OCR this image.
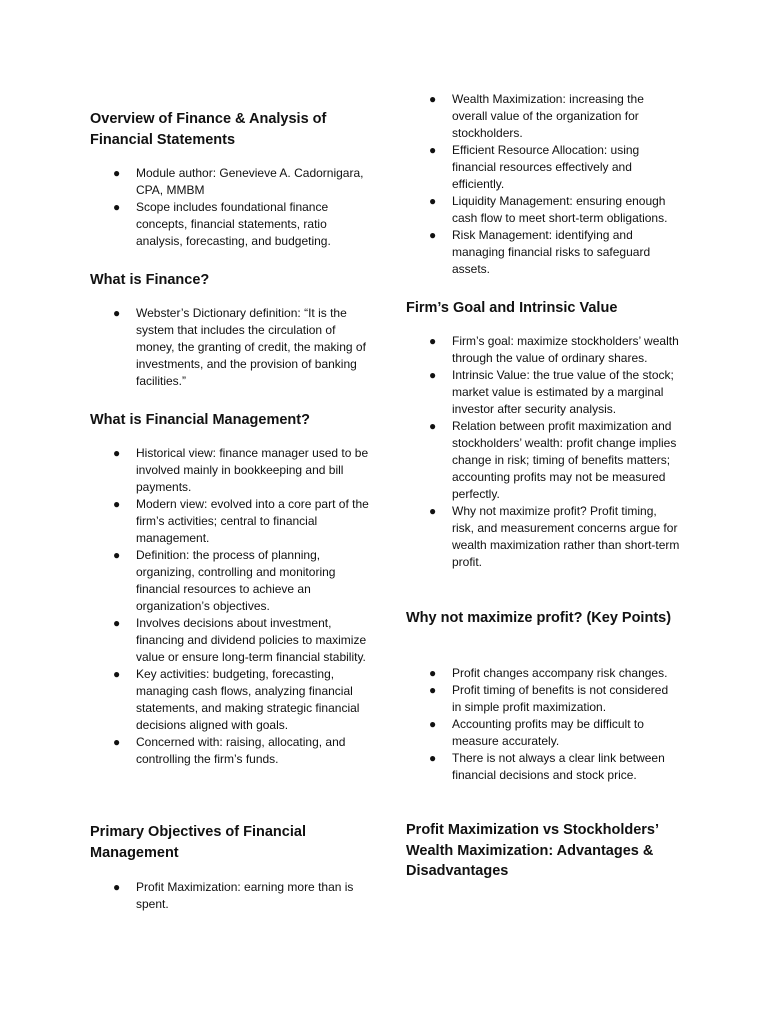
Overview of Finance & Analysis of Financial Statements
● Module author: Genevieve A. Cadornigara, CPA, MMBM
● Scope includes foundational finance concepts, financial statements, ratio analysis, forecasting, and budgeting.
What is Finance?
● Webster’s Dictionary definition: “It is the system that includes the circulation of money, the granting of credit, the making of investments, and the provision of banking facilities.”
What is Financial Management?
● Historical view: finance manager used to be involved mainly in bookkeeping and bill payments.
● Modern view: evolved into a core part of the firm’s activities; central to financial management.
● Definition: the process of planning, organizing, controlling and monitoring financial resources to achieve an organization’s objectives.
● Involves decisions about investment, financing and dividend policies to maximize value or ensure long-term financial stability.
● Key activities: budgeting, forecasting, managing cash flows, analyzing financial statements, and making strategic financial decisions aligned with goals.
● Concerned with: raising, allocating, and controlling the firm’s funds.
Primary Objectives of Financial Management
● Profit Maximization: earning more than is spent.
● Wealth Maximization: increasing the overall value of the organization for stockholders.
● Efficient Resource Allocation: using financial resources effectively and efficiently.
● Liquidity Management: ensuring enough cash flow to meet short-term obligations.
● Risk Management: identifying and managing financial risks to safeguard assets.
Firm’s Goal and Intrinsic Value
● Firm’s goal: maximize stockholders’ wealth through the value of ordinary shares.
● Intrinsic Value: the true value of the stock; market value is estimated by a marginal investor after security analysis.
● Relation between profit maximization and stockholders’ wealth: profit change implies change in risk; timing of benefits matters; accounting profits may not be measured perfectly.
● Why not maximize profit? Profit timing, risk, and measurement concerns argue for wealth maximization rather than short-term profit.
Why not maximize profit? (Key Points)
● Profit changes accompany risk changes.
● Profit timing of benefits is not considered in simple profit maximization.
● Accounting profits may be difficult to measure accurately.
● There is not always a clear link between financial decisions and stock price.
Profit Maximization vs Stockholders’ Wealth Maximization: Advantages & Disadvantages
